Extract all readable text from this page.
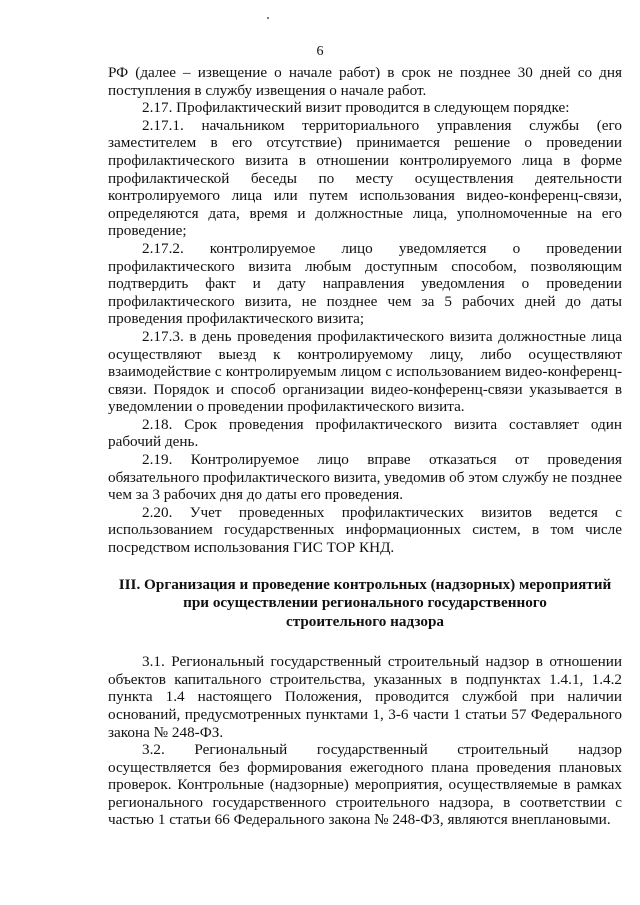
6

РФ (далее – извещение о начале работ) в срок не позднее 30 дней со дня поступления в службу извещения о начале работ.

2.17. Профилактический визит проводится в следующем порядке:

2.17.1. начальником территориального управления службы (его заместителем в его отсутствие) принимается решение о проведении профилактического визита в отношении контролируемого лица в форме профилактической беседы по месту осуществления деятельности контролируемого лица или путем использования видео-конференц-связи, определяются дата, время и должностные лица, уполномоченные на его проведение;

2.17.2. контролируемое лицо уведомляется о проведении профилактического визита любым доступным способом, позволяющим подтвердить факт и дату направления уведомления о проведении профилактического визита, не позднее чем за 5 рабочих дней до даты проведения профилактического визита;

2.17.3. в день проведения профилактического визита должностные лица осуществляют выезд к контролируемому лицу, либо осуществляют взаимодействие с контролируемым лицом с использованием видео-конференц-связи. Порядок и способ организации видео-конференц-связи указывается в уведомлении о проведении профилактического визита.

2.18. Срок проведения профилактического визита составляет один рабочий день.

2.19. Контролируемое лицо вправе отказаться от проведения обязательного профилактического визита, уведомив об этом службу не позднее чем за 3 рабочих дня до даты его проведения.

2.20. Учет проведенных профилактических визитов ведется с использованием государственных информационных систем, в том числе посредством использования ГИС ТОР КНД.

III. Организация и проведение контрольных (надзорных) мероприятий
при осуществлении регионального государственного
строительного надзора

3.1. Региональный государственный строительный надзор в отношении объектов капитального строительства, указанных в подпунктах 1.4.1, 1.4.2 пункта 1.4 настоящего Положения, проводится службой при наличии оснований, предусмотренных пунктами 1, 3-6 части 1 статьи 57 Федерального закона № 248-ФЗ.

3.2. Региональный государственный строительный надзор осуществляется без формирования ежегодного плана проведения плановых проверок. Контрольные (надзорные) мероприятия, осуществляемые в рамках регионального государственного строительного надзора, в соответствии с частью 1 статьи 66 Федерального закона № 248-ФЗ, являются внеплановыми.
